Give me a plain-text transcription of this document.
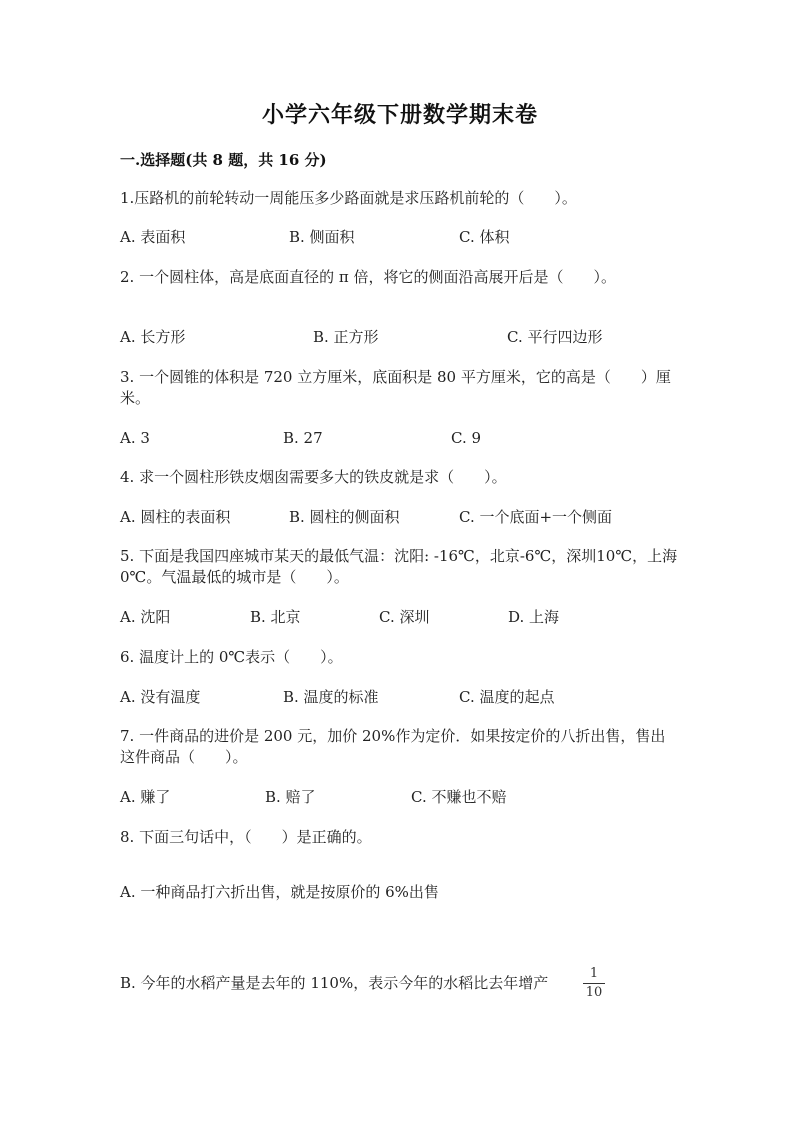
小学六年级下册数学期末卷
一.选择题(共 8 题，共 16 分)
1.压路机的前轮转动一周能压多少路面就是求压路机前轮的（　　）。
A. 表面积	B. 侧面积	C. 体积
2. 一个圆柱体，高是底面直径的 π 倍，将它的侧面沿高展开后是（　　）。
A. 长方形	B. 正方形	C. 平行四边形
3. 一个圆锥的体积是 720 立方厘米，底面积是 80 平方厘米，它的高是（　　）厘米。
A. 3	B. 27	C. 9
4. 求一个圆柱形铁皮烟囱需要多大的铁皮就是求（　　）。
A. 圆柱的表面积	B. 圆柱的侧面积	C. 一个底面+一个侧面
5. 下面是我国四座城市某天的最低气温：沈阳: -16℃，北京-6℃，深圳10℃，上海 0℃。气温最低的城市是（　　）。
A. 沈阳	B. 北京	C. 深圳	D. 上海
6. 温度计上的 0℃表示（　　）。
A. 没有温度	B. 温度的标准	C. 温度的起点
7. 一件商品的进价是 200 元，加价 20%作为定价．如果按定价的八折出售，售出这件商品（　　）。
A. 赚了	B. 赔了	C. 不赚也不赔
8. 下面三句话中，（　　）是正确的。
A. 一种商品打六折出售，就是按原价的 6%出售
B. 今年的水稻产量是去年的 110%，表示今年的水稻比去年增产
1
10
